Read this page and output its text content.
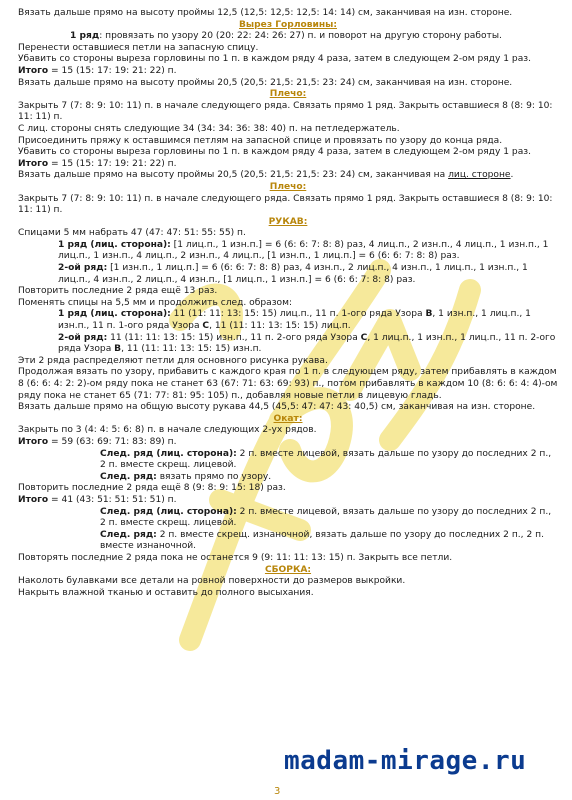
Вязать дальше прямо на высоту проймы 12,5 (12,5: 12,5: 12,5: 14: 14) см, заканчивая на изн. стороне.

Вырез Горловины:

1 ряд: провязать по узору 20 (20: 22: 24: 26: 27) п. и поворот на другую сторону работы.

Перенести оставшиеся петли на запасную спицу.

Убавить со стороны выреза горловины по 1 п. в каждом ряду 4 раза, затем в следующем 2-ом ряду 1 раз.

Итого = 15 (15: 17: 19: 21: 22) п.

Вязать дальше прямо на высоту проймы 20,5 (20,5: 21,5: 21,5: 23: 24) см, заканчивая на изн. стороне.

Плечо:

Закрыть 7 (7: 8: 9: 10: 11) п. в начале следующего ряда. Связать прямо 1 ряд. Закрыть оставшиеся 8 (8: 9: 10: 11: 11) п.

С лиц. стороны снять следующие 34 (34: 34: 36: 38: 40) п. на петледержатель.

Присоединить пряжу к оставшимся петлям на запасной спице и провязать по узору до конца ряда.

Убавить со стороны выреза горловины по 1 п. в каждом ряду 4 раза, затем в следующем 2-ом ряду 1 раз.

Итого = 15 (15: 17: 19: 21: 22) п.

Вязать дальше прямо на высоту проймы 20,5 (20,5: 21,5: 21,5: 23: 24) см, заканчивая на лиц. стороне.

Плечо:

Закрыть 7 (7: 8: 9: 10: 11) п. в начале следующего ряда. Связать прямо 1 ряд. Закрыть оставшиеся 8 (8: 9: 10: 11: 11) п.

РУКАВ:

Спицами 5 мм набрать 47 (47: 47: 51: 55: 55) п.

1 ряд (лиц. сторона): [1 лиц.п., 1 изн.п.] = 6 (6: 6: 7: 8: 8) раз, 4 лиц.п., 2 изн.п., 4 лиц.п., 1 изн.п., 1 лиц.п., 1 изн.п., 4 лиц.п., 2 изн.п., 4 лиц.п., [1 изн.п., 1 лиц.п.] = 6 (6: 6: 7: 8: 8) раз.

2-ой ряд: [1 изн.п., 1 лиц.п.] = 6 (6: 6: 7: 8: 8) раз, 4 изн.п., 2 лиц.п., 4 изн.п., 1 лиц.п., 1 изн.п., 1 лиц.п., 4 изн.п., 2 лиц.п., 4 изн.п., [1 лиц.п., 1 изн.п.] = 6 (6: 6: 7: 8: 8) раз.

Повторить последние 2 ряда ещё 13 раз.

Поменять спицы на 5,5 мм и продолжить след. образом:

1 ряд (лиц. сторона): 11 (11: 11: 13: 15: 15) лиц.п., 11 п. 1-ого ряда Узора В, 1 изн.п., 1 лиц.п., 1 изн.п., 11 п. 1-ого ряда Узора С, 11 (11: 11: 13: 15: 15) лиц.п.

2-ой ряд: 11 (11: 11: 13: 15: 15) изн.п., 11 п. 2-ого ряда Узора С, 1 лиц.п., 1 изн.п., 1 лиц.п., 11 п. 2-ого ряда Узора В, 11 (11: 11: 13: 15: 15) изн.п.

Эти 2 ряда распределяют петли для основного рисунка рукава.

Продолжая вязать по узору, прибавить с каждого края по 1 п. в следующем ряду, затем прибавлять в каждом 8 (6: 6: 4: 2: 2)-ом ряду пока не станет 63 (67: 71: 63: 69: 93) п., потом прибавлять в каждом 10 (8: 6: 6: 4: 4)-ом ряду пока не станет 65 (71: 77: 81: 95: 105) п., добавляя новые петли в лицевую гладь.

Вязать дальше прямо на общую высоту рукава 44,5 (45,5: 47: 47: 43: 40,5) см, заканчивая на изн. стороне.

Окат:

Закрыть по 3 (4: 4: 5: 6: 8) п. в начале следующих 2-ух рядов.

Итого = 59 (63: 69: 71: 83: 89) п.

След. ряд (лиц. сторона): 2 п. вместе лицевой, вязать дальше по узору до последних 2 п., 2 п. вместе скрещ. лицевой.

След. ряд: вязать прямо по узору.

Повторить последние 2 ряда ещё 8 (9: 8: 9: 15: 18) раз.

Итого = 41 (43: 51: 51: 51: 51) п.

След. ряд (лиц. сторона): 2 п. вместе лицевой, вязать дальше по узору до последних 2 п., 2 п. вместе скрещ. лицевой.

След. ряд: 2 п. вместе скрещ. изнаночной, вязать дальше по узору до последних 2 п., 2 п. вместе изнаночной.

Повторять последние 2 ряда пока не останется 9 (9: 11: 11: 13: 15) п. Закрыть все петли.

СБОРКА:

Наколоть булавками все детали на ровной поверхности до размеров выкройки.

Накрыть влажной тканью и оставить до полного высыхания.

madam-mirage.ru
3
